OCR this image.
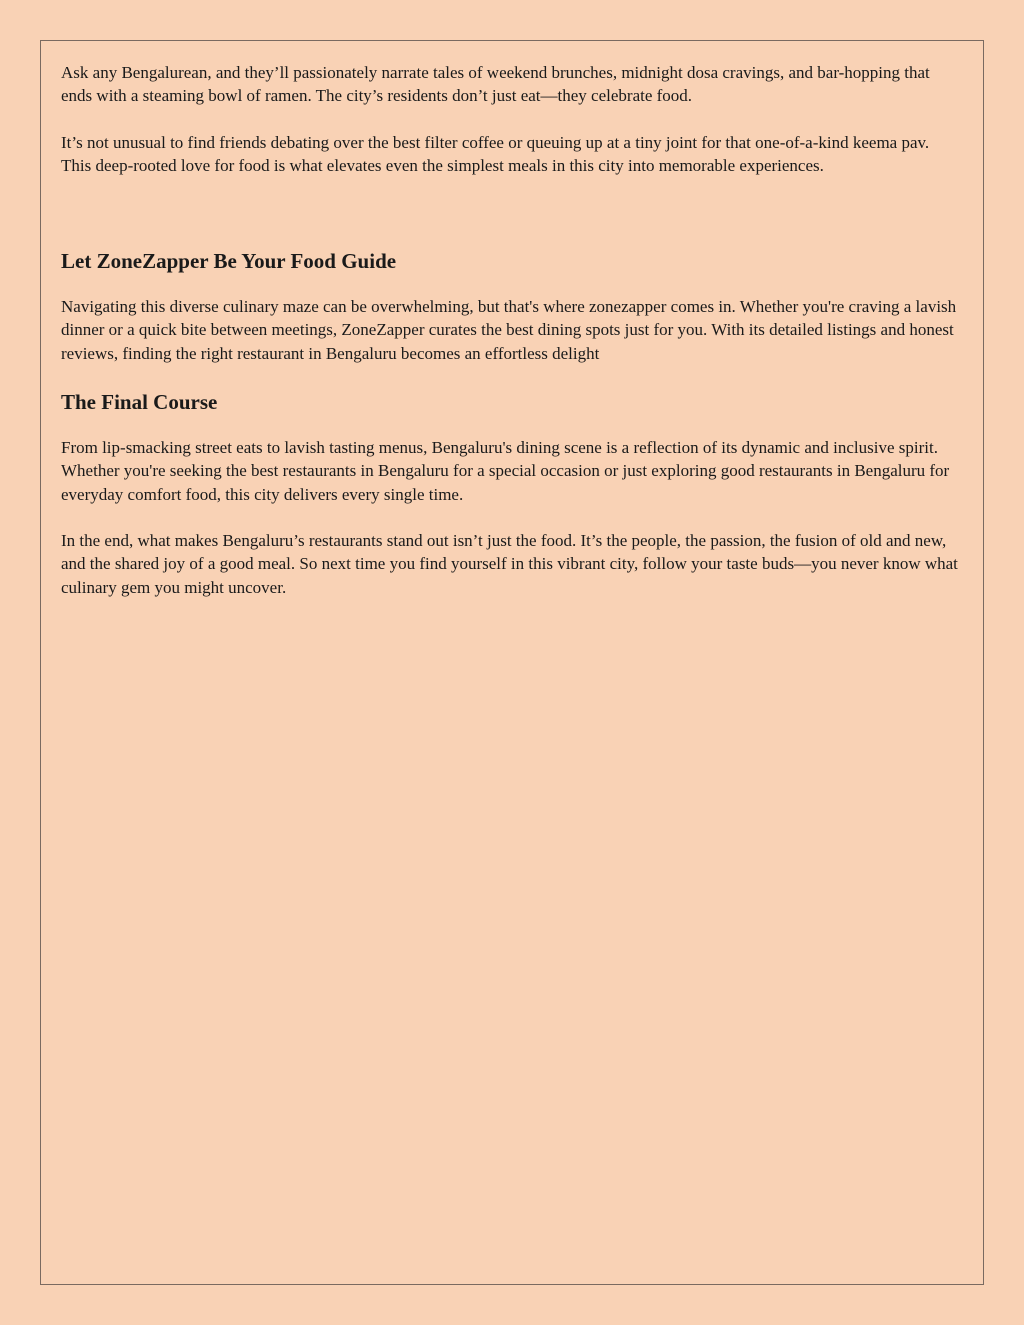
Ask any Bengalurean, and they’ll passionately narrate tales of weekend brunches, midnight dosa cravings, and bar-hopping that ends with a steaming bowl of ramen. The city’s residents don’t just eat—they celebrate food.

It’s not unusual to find friends debating over the best filter coffee or queuing up at a tiny joint for that one-of-a-kind keema pav. This deep-rooted love for food is what elevates even the simplest meals in this city into memorable experiences.

Let ZoneZapper Be Your Food Guide

Navigating this diverse culinary maze can be overwhelming, but that's where zonezapper comes in. Whether you're craving a lavish dinner or a quick bite between meetings, ZoneZapper curates the best dining spots just for you. With its detailed listings and honest reviews, finding the right restaurant in Bengaluru becomes an effortless delight

The Final Course

From lip-smacking street eats to lavish tasting menus, Bengaluru's dining scene is a reflection of its dynamic and inclusive spirit. Whether you're seeking the best restaurants in Bengaluru for a special occasion or just exploring good restaurants in Bengaluru for everyday comfort food, this city delivers every single time.

In the end, what makes Bengaluru’s restaurants stand out isn’t just the food. It’s the people, the passion, the fusion of old and new, and the shared joy of a good meal. So next time you find yourself in this vibrant city, follow your taste buds—you never know what culinary gem you might uncover.
